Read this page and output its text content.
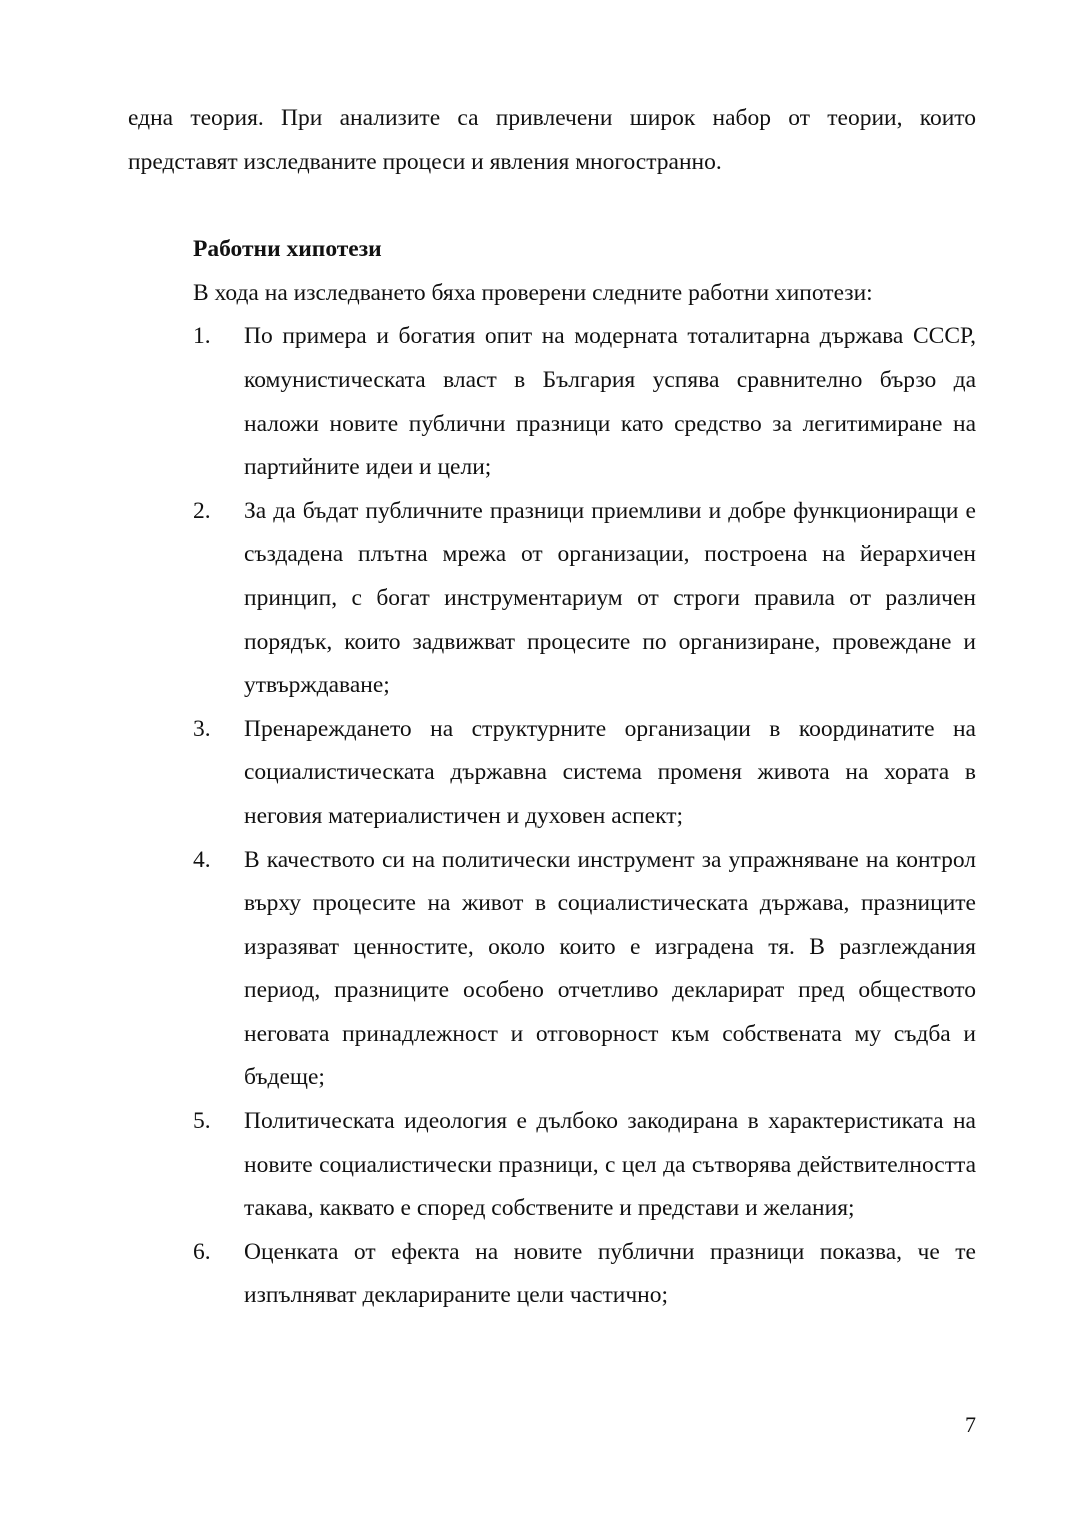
една теория. При анализите са привлечени широк набор от теории, които представят изследваните процеси и явления многостранно.

Работни хипотези
В хода на изследването бяха проверени следните работни хипотези:
1.	По примера и богатия опит на модерната тоталитарна държава СССР, комунистическата власт в България успява сравнително бързо да наложи новите публични празници като средство за легитимиране на партийните идеи и цели;
2.	За да бъдат публичните празници приемливи и добре функциониращи е създадена плътна мрежа от организации, построена на йерархичен принцип, с богат инструментариум от строги правила от различен порядък, които задвижват процесите по организиране, провеждане и утвърждаване;
3.	Пренареждането на структурните организации в координатите на социалистическата държавна система променя живота на хората в неговия материалистичен и духовен аспект;
4.	В качеството си на политически инструмент за упражняване на контрол върху процесите на живот в социалистическата държава, празниците изразяват ценностите, около които е изградена тя. В разглеждания период, празниците особено отчетливо декларират пред обществото неговата принадлежност и отговорност към собствената му съдба и бъдеще;
5.	Политическата идеология е дълбоко закодирана в характеристиката на новите социалистически празници, с цел да сътворява действителността такава, каквато е според собствените и представи и желания;
6.	Оценката от ефекта на новите публични празници показва, че те изпълняват декларираните цели частично;
7
